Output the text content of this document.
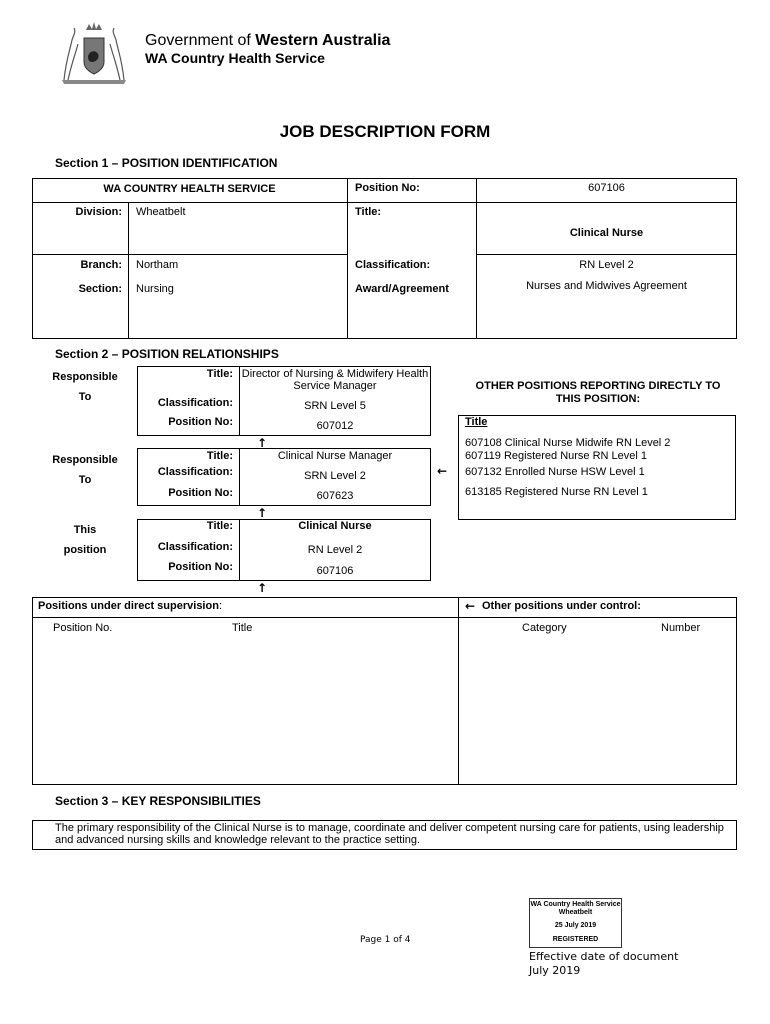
Government of Western Australia
WA Country Health Service
JOB DESCRIPTION FORM
Section 1 – POSITION IDENTIFICATION
WA COUNTRY HEALTH SERVICE	Position No:	607106
Division: Wheatbelt	Title:
Clinical Nurse
Branch: Northam	Classification:	RN Level 2
Section: Nursing	Award/Agreement	Nurses and Midwives Agreement
Section 2 – POSITION RELATIONSHIPS
Responsible
To
Title: Director of Nursing & Midwifery Health Service Manager
Classification:	SRN Level 5
Position No:	607012
↑
Responsible
To
Title:	Clinical Nurse Manager
Classification:	SRN Level 2
Position No:	607623
←
↑
This
position
Title:	Clinical Nurse
Classification:	RN Level 2
Position No:	607106
↑
OTHER POSITIONS REPORTING DIRECTLY TO THIS POSITION:
Title
607108 Clinical Nurse Midwife RN Level 2
607119 Registered Nurse RN Level 1
607132 Enrolled Nurse HSW Level 1
613185 Registered Nurse RN Level 1
Positions under direct supervision:
Position No.	Title
← Other positions under control:
Category	Number
Section 3 – KEY RESPONSIBILITIES
The primary responsibility of the Clinical Nurse is to manage, coordinate and deliver competent nursing care for patients, using leadership and advanced nursing skills and knowledge relevant to the practice setting.
Page 1 of 4
WA Country Health Service
Wheatbelt
25 July 2019
REGISTERED
Effective date of document
July 2019
